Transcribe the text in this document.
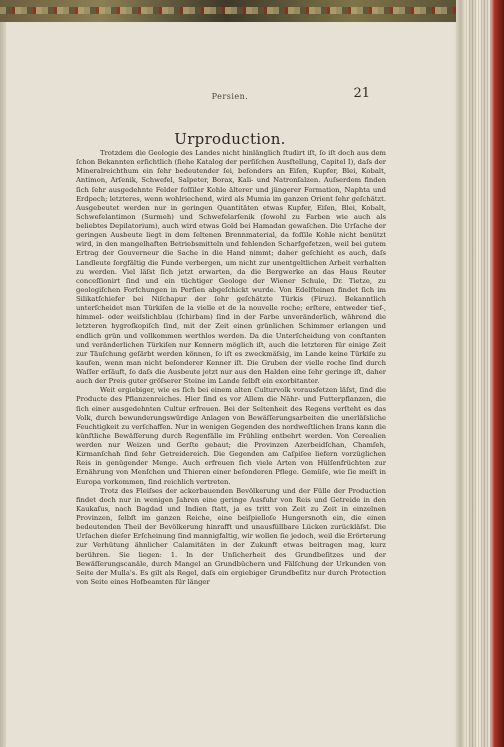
Persien.	21
Urproduction.

Trotzdem die Geologie des Landes nicht hinlänglich ſtudirt iſt, ſo iſt doch aus dem ſchon Bekannten erſichtlich (ſiehe Katalog der perſiſchen Ausſtellung, Capitel I), daſs der Mineralreichthum ein ſehr bedeutender ſei, beſonders an Eiſen, Kupfer, Blei, Kobalt, Antimon, Arſenik, Schwefel, Salpeter, Borax, Kali- und Natronſalzen. Auſserdem finden ſich ſehr ausgedehnte Felder foſſiler Kohle älterer und jüngerer Formation, Naphta und Erdpech; letzteres, wenn wohlriechend, wird als Mumia im ganzen Orient ſehr geſchätzt. Ausgebeutet werden nur in geringen Quantitäten etwas Kupfer, Eiſen, Blei, Kobalt, Schwefelantimon (Surmeh) und Schwefelarſenik (ſowohl zu Farben wie auch als beliebtes Depilatorium), auch wird etwas Gold bei Hamadan gewaſchen. Die Urſache der geringen Ausbeute liegt in dem ſeltenen Brennmaterial, da foſſile Kohle nicht benützt wird, in den mangelhaften Betriebsmitteln und fehlenden Scharfgefetzen, weil bei gutem Ertrag der Gouverneur die Sache in die Hand nimmt; daher geſchieht es auch, daſs Landleute ſorgfältig die Funde verbergen, um nicht zur unentgeltlichen Arbeit verhalten zu werden. Viel läſst ſich jetzt erwarten, da die Bergwerke an das Haus Reuter conceſſionirt ſind und ein tüchtiger Geologe der Wiener Schule, Dr. Tietze, zu geologiſchen Forſchungen in Perſien abgeſchickt wurde. Von Edelſteinen findet ſich im Silikatſchiefer bei Niſchapur der ſehr geſchätzte Türkis (Firuz). Bekanntlich unterſcheidet man Türkiſen de la vielle et de la nouvelle roche; erſtere, entweder tief-, himmel- oder weiſslichblau (ſchirbam) ſind in der Farbe unveränderlich, während die letzteren hygroſkopiſch ſind, mit der Zeit einen grünlichen Schimmer erlangen und endlich grün und vollkommen werthlos werden. Da die Unterſcheidung von conſtanten und veränderlichen Türkiſen nur Kennern möglich iſt, auch die letzteren für einige Zeit zur Täuſchung geſärbt werden können, ſo iſt es zweckmäſsig, im Lande keine Türkiſe zu kaufen, wenn man nicht beſonderer Kenner iſt. Die Gruben der vielle roche ſind durch Waſſer erſäuft, ſo daſs die Ausbeute jetzt nur aus den Halden eine ſehr geringe iſt, daher auch der Preis guter gröſserer Steine im Lande ſelbſt ein exorbitanter.

Weit ergiebiger, wie es ſich bei einem alten Culturvolk vorausſetzen läſst, ſind die Producte des Pflanzenreiches. Hier ſind es vor Allem die Nähr- und Futterpflanzen, die ſich einer ausgedehnten Cultur erfreuen. Bei der Seltenheit des Regens verſteht es das Volk, durch bewunderungswürdige Anlagen von Bewäſſerungsarbeiten die unerläſsliche Feuchtigkeit zu verſchaffen. Nur in wenigen Gegenden des nordweſtlichen Irans kann die künſtliche Bewäſſerung durch Regenfälle im Frühling entbehrt werden. Von Cerealien werden nur Weizen und Gerſte gebaut; die Provinzen Azerbeidſchan, Chamſeh, Kirmanſchah ſind ſehr Getreidereich. Die Gegenden am Caſpiſee liefern vorzüglichen Reis in genügender Menge. Auch erfreuen ſich viele Arten von Hülſenfrüchten zur Ernährung von Menſchen und Thieren einer beſonderen Pflege. Gemüſe, wie ſie meiſt in Europa vorkommen, ſind reichlich vertreten.

Trotz des Fleiſses der ackerbauenden Bevölkerung und der Fülle der Production findet doch nur in wenigen Jahren eine geringe Ausfuhr von Reis und Getreide in den Kaukaſus, nach Bagdad und Indien ſtatt, ja es tritt von Zeit zu Zeit in einzelnen Provinzen, ſelbſt im ganzen Reiche, eine beiſpielloſe Hungersnoth ein, die einen bedeutenden Theil der Bevölkerung hinrafft und unausfüllbare Lücken zurückläſst. Die Urſachen dieſer Erſcheinung ſind mannigfaltig, wir wollen ſie jedoch, weil die Erörterung zur Verhütung ähnlicher Calamitäten in der Zukunft etwas beitragen mag, kurz berühren. Sie liegen: 1. In der Unſicherheit des Grundbeſitzes und der Bewäſſerungscanäle, durch Mangel an Grundbüchern und Fälſchung der Urkunden von Seite der Mulla's. Es gilt als Regel, daſs ein ergiebiger Grundbeſitz nur durch Protection von Seite eines Hofbeamten für länger
